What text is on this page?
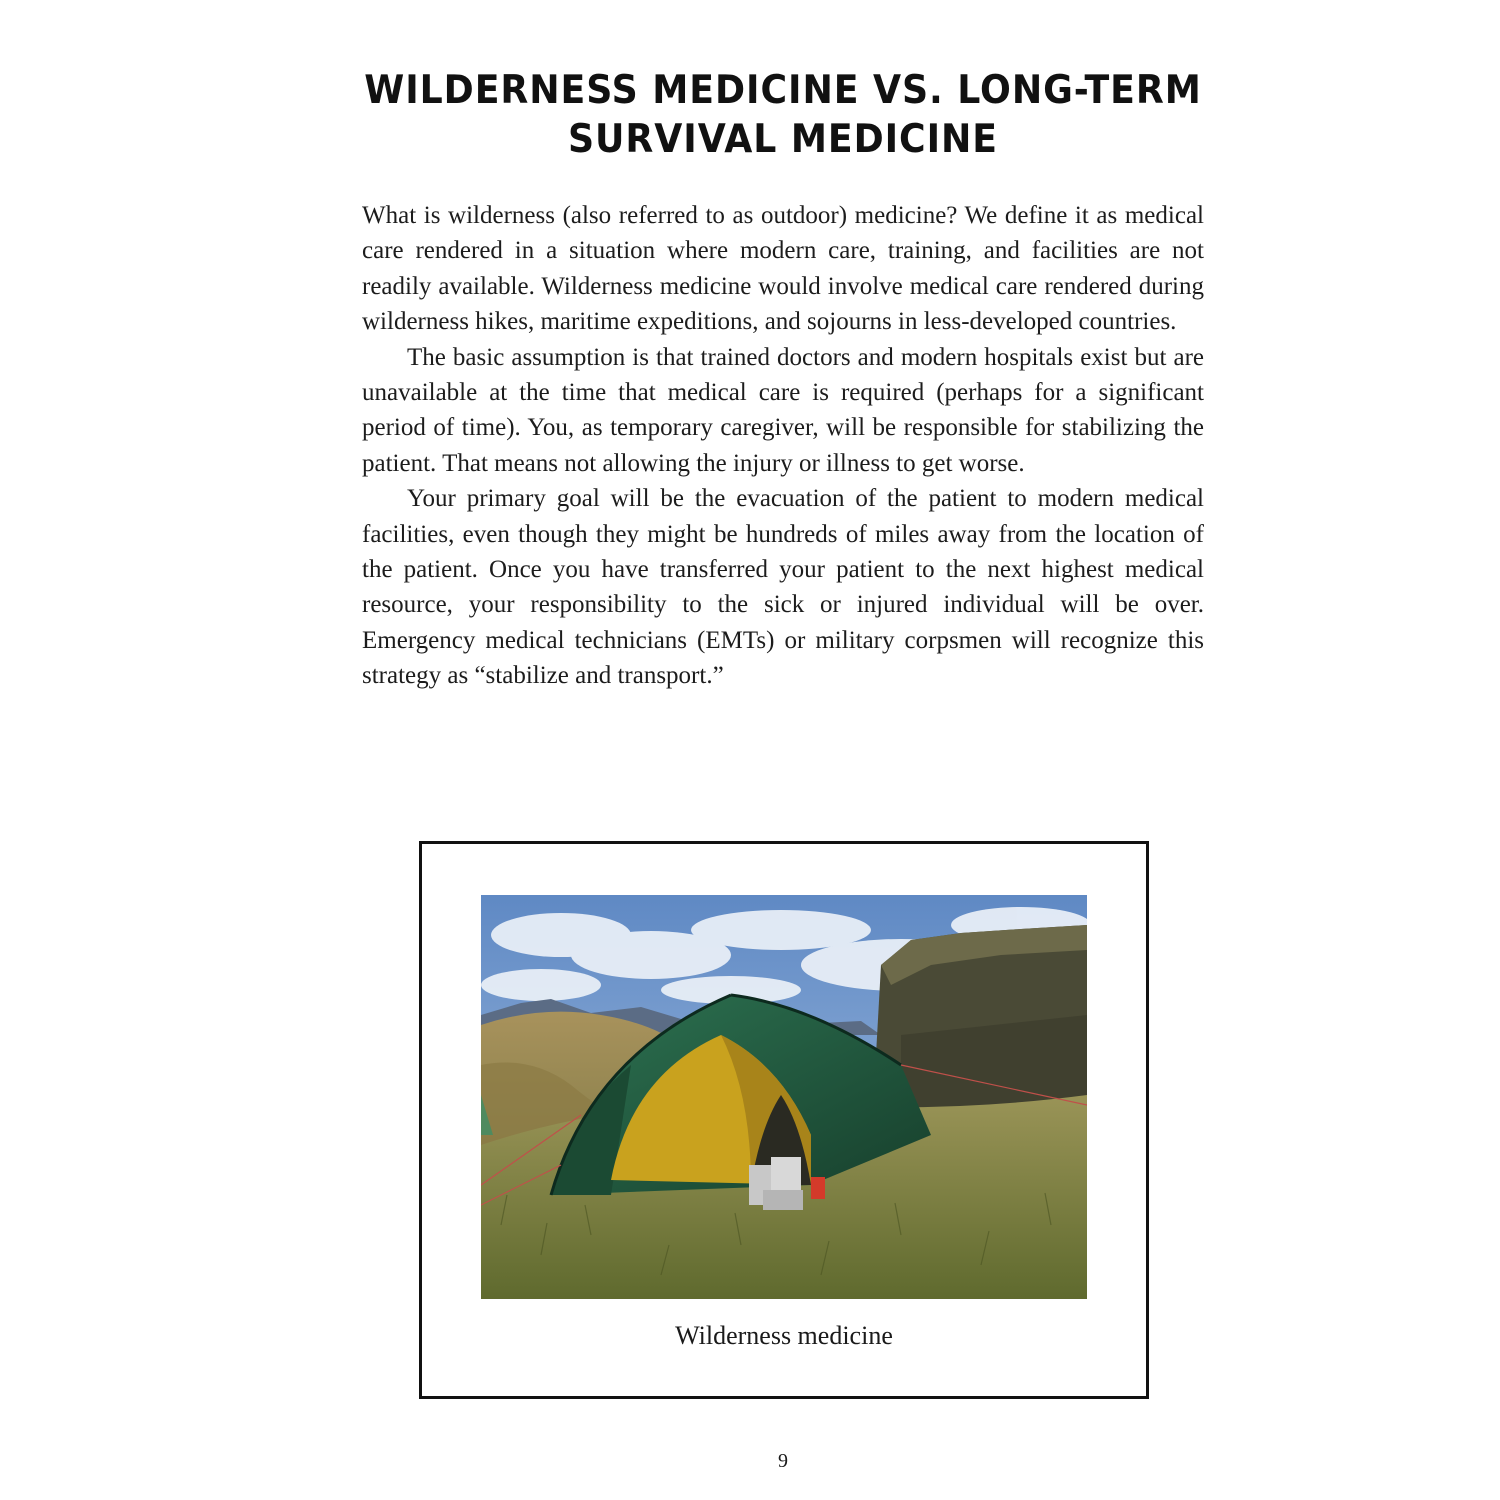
WILDERNESS MEDICINE VS. LONG-TERM
SURVIVAL MEDICINE

What is wilderness (also referred to as outdoor) medicine? We define it as medical care rendered in a situation where modern care, training, and facilities are not readily available. Wilderness medicine would involve medical care rendered during wilderness hikes, maritime expeditions, and sojourns in less-developed countries.

The basic assumption is that trained doctors and modern hospitals exist but are unavailable at the time that medical care is required (perhaps for a significant period of time). You, as temporary caregiver, will be responsible for stabilizing the patient. That means not allowing the injury or illness to get worse.

Your primary goal will be the evacuation of the patient to modern medical facilities, even though they might be hundreds of miles away from the location of the patient. Once you have transferred your patient to the next highest medical resource, your responsibility to the sick or injured individual will be over. Emergency medical technicians (EMTs) or military corpsmen will recognize this strategy as “stabilize and transport.”

Wilderness medicine
9
